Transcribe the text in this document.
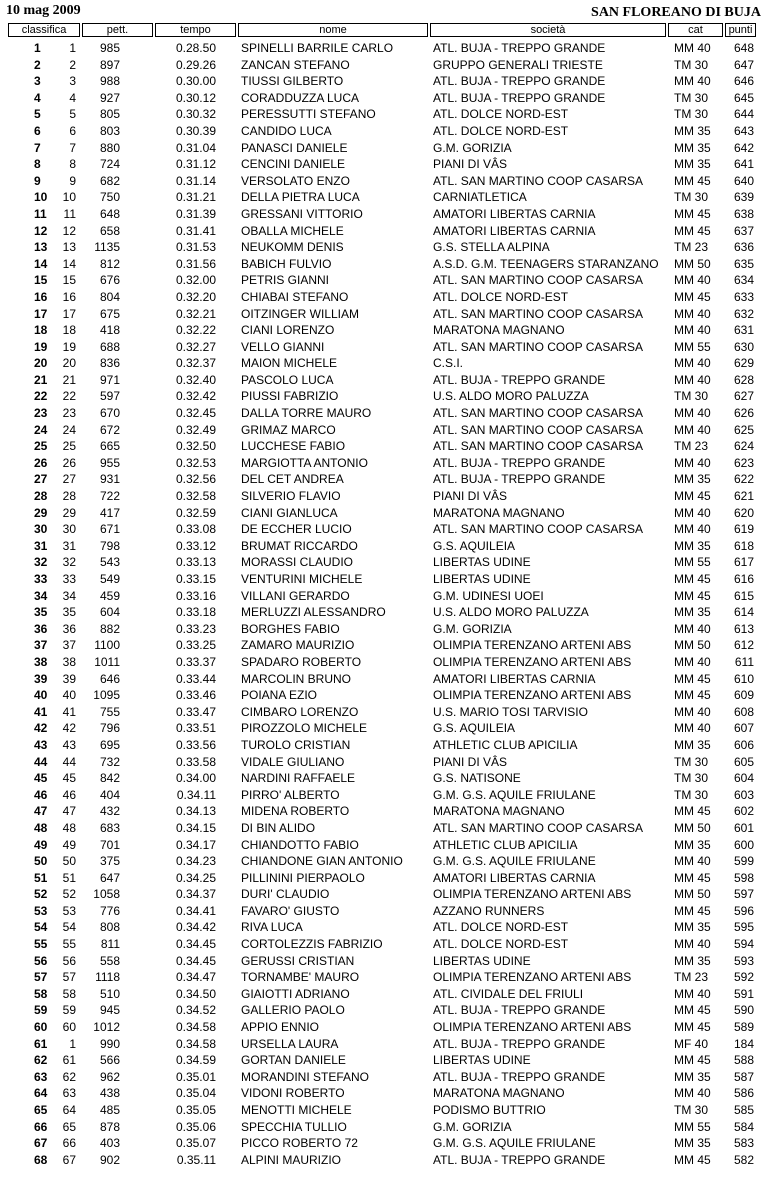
10 mag 2009	SAN FLOREANO DI BUJA
classifica	pett.	tempo	nome	società	cat	punti
1	1	985	0.28.50	SPINELLI BARRILE CARLO	ATL. BUJA - TREPPO GRANDE	MM 40	648
2	2	897	0.29.26	ZANCAN STEFANO	GRUPPO GENERALI TRIESTE	TM 30	647
3	3	988	0.30.00	TIUSSI GILBERTO	ATL. BUJA - TREPPO GRANDE	MM 40	646
4	4	927	0.30.12	CORADDUZZA LUCA	ATL. BUJA - TREPPO GRANDE	TM 30	645
5	5	805	0.30.32	PERESSUTTI STEFANO	ATL. DOLCE NORD-EST	TM 30	644
6	6	803	0.30.39	CANDIDO LUCA	ATL. DOLCE NORD-EST	MM 35	643
7	7	880	0.31.04	PANASCI DANIELE	G.M. GORIZIA	MM 35	642
8	8	724	0.31.12	CENCINI DANIELE	PIANI DI VÂS	MM 35	641
9	9	682	0.31.14	VERSOLATO ENZO	ATL. SAN MARTINO COOP CASARSA	MM 45	640
10	10	750	0.31.21	DELLA PIETRA LUCA	CARNIATLETICA	TM 30	639
11	11	648	0.31.39	GRESSANI VITTORIO	AMATORI LIBERTAS CARNIA	MM 45	638
12	12	658	0.31.41	OBALLA MICHELE	AMATORI LIBERTAS CARNIA	MM 45	637
13	13	1135	0.31.53	NEUKOMM DENIS	G.S. STELLA ALPINA	TM 23	636
14	14	812	0.31.56	BABICH FULVIO	A.S.D. G.M. TEENAGERS STARANZANO	MM 50	635
15	15	676	0.32.00	PETRIS GIANNI	ATL. SAN MARTINO COOP CASARSA	MM 40	634
16	16	804	0.32.20	CHIABAI STEFANO	ATL. DOLCE NORD-EST	MM 45	633
17	17	675	0.32.21	OITZINGER WILLIAM	ATL. SAN MARTINO COOP CASARSA	MM 40	632
18	18	418	0.32.22	CIANI LORENZO	MARATONA MAGNANO	MM 40	631
19	19	688	0.32.27	VELLO GIANNI	ATL. SAN MARTINO COOP CASARSA	MM 55	630
20	20	836	0.32.37	MAION MICHELE	C.S.I.	MM 40	629
21	21	971	0.32.40	PASCOLO LUCA	ATL. BUJA - TREPPO GRANDE	MM 40	628
22	22	597	0.32.42	PIUSSI FABRIZIO	U.S. ALDO MORO PALUZZA	TM 30	627
23	23	670	0.32.45	DALLA TORRE MAURO	ATL. SAN MARTINO COOP CASARSA	MM 40	626
24	24	672	0.32.49	GRIMAZ MARCO	ATL. SAN MARTINO COOP CASARSA	MM 40	625
25	25	665	0.32.50	LUCCHESE FABIO	ATL. SAN MARTINO COOP CASARSA	TM 23	624
26	26	955	0.32.53	MARGIOTTA ANTONIO	ATL. BUJA - TREPPO GRANDE	MM 40	623
27	27	931	0.32.56	DEL CET ANDREA	ATL. BUJA - TREPPO GRANDE	MM 35	622
28	28	722	0.32.58	SILVERIO FLAVIO	PIANI DI VÂS	MM 45	621
29	29	417	0.32.59	CIANI GIANLUCA	MARATONA MAGNANO	MM 40	620
30	30	671	0.33.08	DE ECCHER LUCIO	ATL. SAN MARTINO COOP CASARSA	MM 40	619
31	31	798	0.33.12	BRUMAT RICCARDO	G.S. AQUILEIA	MM 35	618
32	32	543	0.33.13	MORASSI CLAUDIO	LIBERTAS UDINE	MM 55	617
33	33	549	0.33.15	VENTURINI MICHELE	LIBERTAS UDINE	MM 45	616
34	34	459	0.33.16	VILLANI GERARDO	G.M. UDINESI UOEI	MM 45	615
35	35	604	0.33.18	MERLUZZI ALESSANDRO	U.S. ALDO MORO PALUZZA	MM 35	614
36	36	882	0.33.23	BORGHES FABIO	G.M. GORIZIA	MM 40	613
37	37	1100	0.33.25	ZAMARO MAURIZIO	OLIMPIA TERENZANO ARTENI ABS	MM 50	612
38	38	1011	0.33.37	SPADARO ROBERTO	OLIMPIA TERENZANO ARTENI ABS	MM 40	611
39	39	646	0.33.44	MARCOLIN BRUNO	AMATORI LIBERTAS CARNIA	MM 45	610
40	40	1095	0.33.46	POIANA EZIO	OLIMPIA TERENZANO ARTENI ABS	MM 45	609
41	41	755	0.33.47	CIMBARO LORENZO	U.S. MARIO TOSI TARVISIO	MM 40	608
42	42	796	0.33.51	PIROZZOLO MICHELE	G.S. AQUILEIA	MM 40	607
43	43	695	0.33.56	TUROLO CRISTIAN	ATHLETIC CLUB APICILIA	MM 35	606
44	44	732	0.33.58	VIDALE GIULIANO	PIANI DI VÂS	TM 30	605
45	45	842	0.34.00	NARDINI RAFFAELE	G.S. NATISONE	TM 30	604
46	46	404	0.34.11	PIRRO' ALBERTO	G.M. G.S. AQUILE FRIULANE	TM 30	603
47	47	432	0.34.13	MIDENA ROBERTO	MARATONA MAGNANO	MM 45	602
48	48	683	0.34.15	DI BIN ALIDO	ATL. SAN MARTINO COOP CASARSA	MM 50	601
49	49	701	0.34.17	CHIANDOTTO FABIO	ATHLETIC CLUB APICILIA	MM 35	600
50	50	375	0.34.23	CHIANDONE GIAN ANTONIO	G.M. G.S. AQUILE FRIULANE	MM 40	599
51	51	647	0.34.25	PILLININI PIERPAOLO	AMATORI LIBERTAS CARNIA	MM 45	598
52	52	1058	0.34.37	DURI' CLAUDIO	OLIMPIA TERENZANO ARTENI ABS	MM 50	597
53	53	776	0.34.41	FAVARO' GIUSTO	AZZANO RUNNERS	MM 45	596
54	54	808	0.34.42	RIVA LUCA	ATL. DOLCE NORD-EST	MM 35	595
55	55	811	0.34.45	CORTOLEZZIS FABRIZIO	ATL. DOLCE NORD-EST	MM 40	594
56	56	558	0.34.45	GERUSSI CRISTIAN	LIBERTAS UDINE	MM 35	593
57	57	1118	0.34.47	TORNAMBE' MAURO	OLIMPIA TERENZANO ARTENI ABS	TM 23	592
58	58	510	0.34.50	GIAIOTTI ADRIANO	ATL. CIVIDALE DEL FRIULI	MM 40	591
59	59	945	0.34.52	GALLERIO PAOLO	ATL. BUJA - TREPPO GRANDE	MM 45	590
60	60	1012	0.34.58	APPIO ENNIO	OLIMPIA TERENZANO ARTENI ABS	MM 45	589
61	1	990	0.34.58	URSELLA LAURA	ATL. BUJA - TREPPO GRANDE	MF 40	184
62	61	566	0.34.59	GORTAN DANIELE	LIBERTAS UDINE	MM 45	588
63	62	962	0.35.01	MORANDINI STEFANO	ATL. BUJA - TREPPO GRANDE	MM 35	587
64	63	438	0.35.04	VIDONI ROBERTO	MARATONA MAGNANO	MM 40	586
65	64	485	0.35.05	MENOTTI MICHELE	PODISMO BUTTRIO	TM 30	585
66	65	878	0.35.06	SPECCHIA TULLIO	G.M. GORIZIA	MM 55	584
67	66	403	0.35.07	PICCO ROBERTO 72	G.M. G.S. AQUILE FRIULANE	MM 35	583
68	67	902	0.35.11	ALPINI MAURIZIO	ATL. BUJA - TREPPO GRANDE	MM 45	582
